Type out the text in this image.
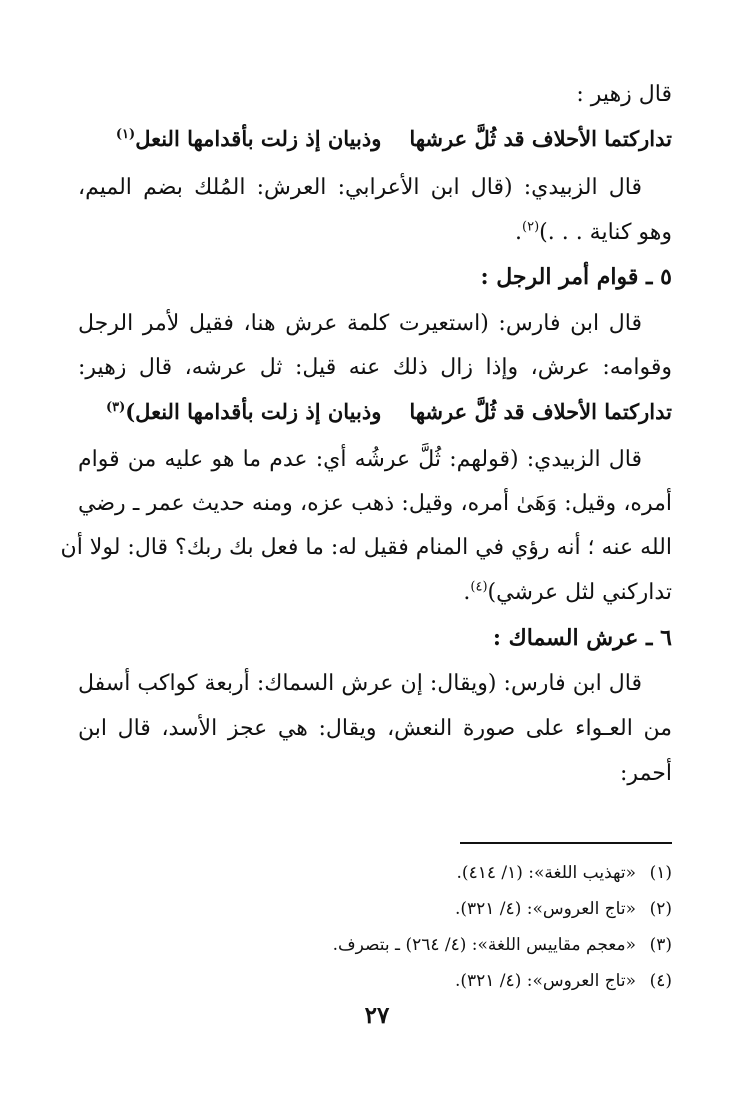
قال زهير :
تداركتما الأحلاف قد ثُلَّ عرشهاوذبيان إذ زلت بأقدامها النعل$^{(١)}$
قال الزبيدي: (قال ابن الأعرابي: العرش: المُلك بضم الميم،
وهو كناية . . .)$^{(٢)}$.
٥ ـ قوام أمر الرجل :
قال ابن فارس: (استعيرت كلمة عرش هنا، فقيل لأمر الرجل
وقوامه: عرش، وإذا زال ذلك عنه قيل: ثل عرشه، قال زهير:
تداركتما الأحلاف قد ثُلَّ عرشهاوذبيان إذ زلت بأقدامها النعل)$^{(٣)}$
قال الزبيدي: (قولهم: ثُلَّ عرشُه أي: عدم ما هو عليه من قوام
أمره، وقيل: وَهَىٰ أمره، وقيل: ذهب عزه، ومنه حديث عمر ـ رضي
الله عنه ؛ أنه رؤي في المنام فقيل له: ما فعل بك ربك؟ قال: لولا أن
تداركني لثل عرشي)$^{(٤)}$.
٦ ـ عرش السماك :
قال ابن فارس: (ويقال: إن عرش السماك: أربعة كواكب أسفل
من العـواء على صورة النعش، ويقال: هي عجز الأسد، قال ابن
أحمر:
(١)«تهذيب اللغة»: (١/ ٤١٤).
(٢)«تاج العروس»: (٤/ ٣٢١).
(٣)«معجم مقاييس اللغة»: (٤/ ٢٦٤) ـ بتصرف.
(٤)«تاج العروس»: (٤/ ٣٢١).
٢٧
